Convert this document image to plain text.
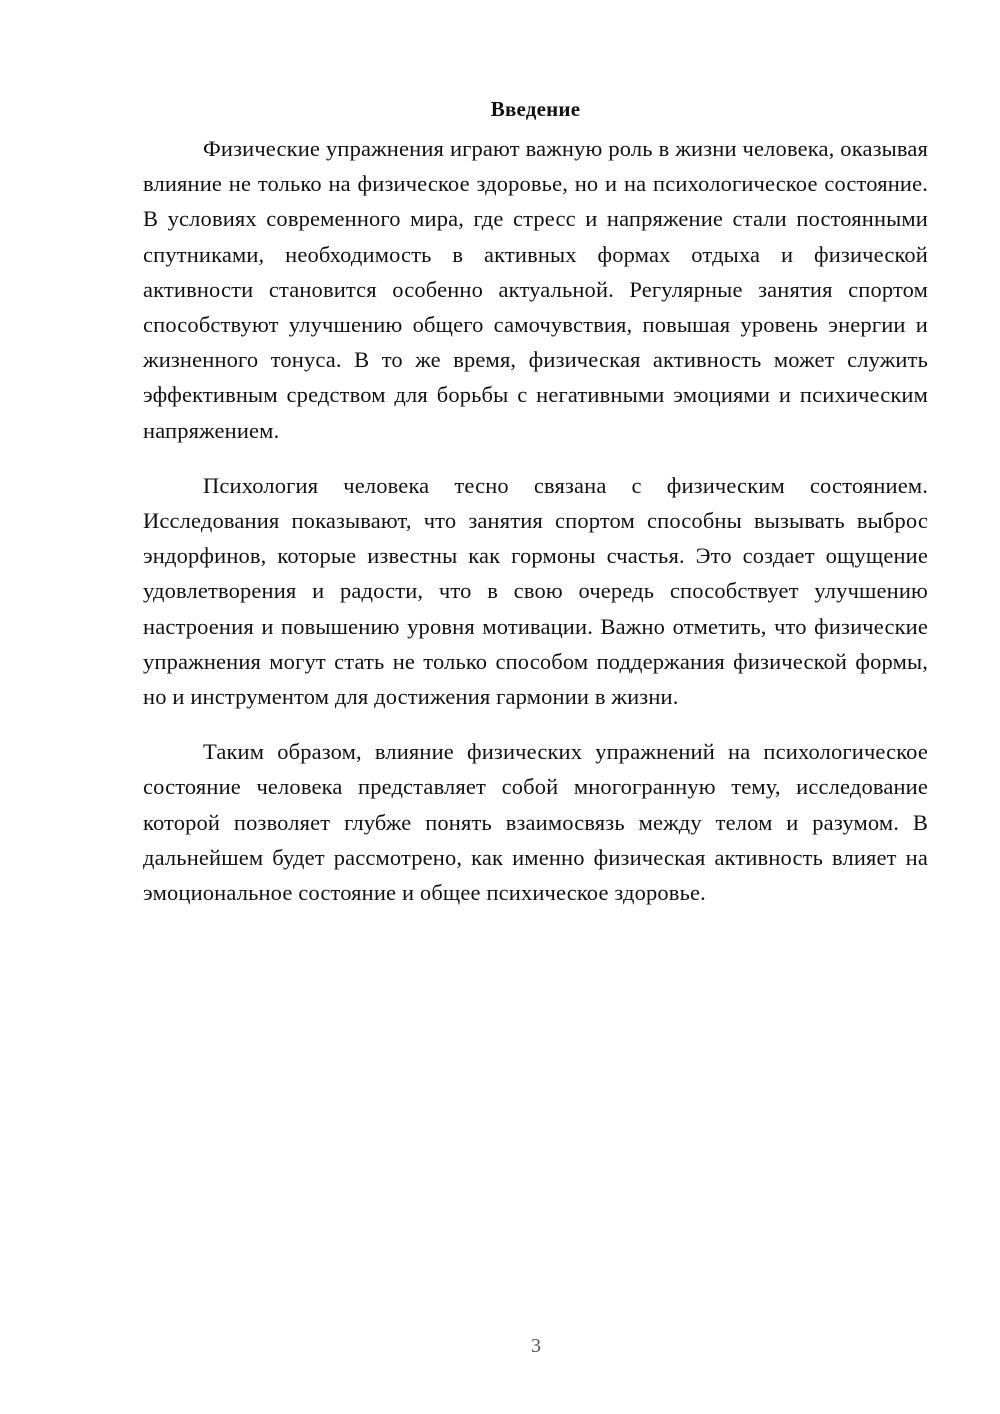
Введение

Физические упражнения играют важную роль в жизни человека, оказывая влияние не только на физическое здоровье, но и на психологическое состояние. В условиях современного мира, где стресс и напряжение стали постоянными спутниками, необходимость в активных формах отдыха и физической активности становится особенно актуальной. Регулярные занятия спортом способствуют улучшению общего самочувствия, повышая уровень энергии и жизненного тонуса. В то же время, физическая активность может служить эффективным средством для борьбы с негативными эмоциями и психическим напряжением.

Психология человека тесно связана с физическим состоянием. Исследования показывают, что занятия спортом способны вызывать выброс эндорфинов, которые известны как гормоны счастья. Это создает ощущение удовлетворения и радости, что в свою очередь способствует улучшению настроения и повышению уровня мотивации. Важно отметить, что физические упражнения могут стать не только способом поддержания физической формы, но и инструментом для достижения гармонии в жизни.

Таким образом, влияние физических упражнений на психологическое состояние человека представляет собой многогранную тему, исследование которой позволяет глубже понять взаимосвязь между телом и разумом. В дальнейшем будет рассмотрено, как именно физическая активность влияет на эмоциональное состояние и общее психическое здоровье.

3
